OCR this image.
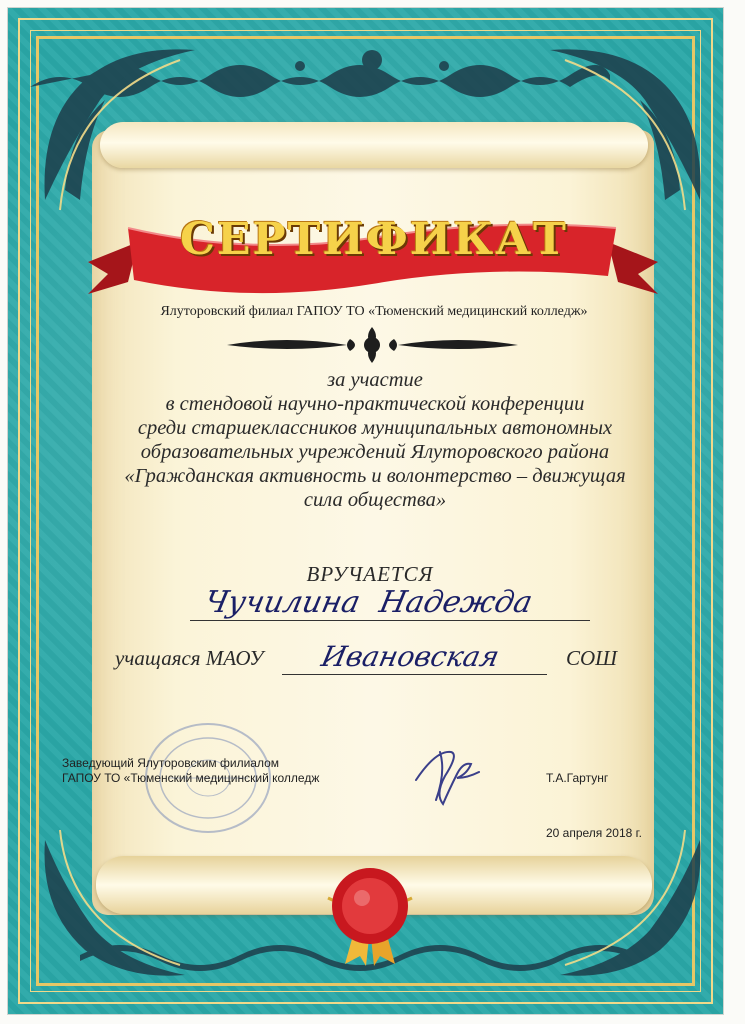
СЕРТИФИКАТ
Ялуторовский филиал ГАПОУ ТО «Тюменский медицинский колледж»
за участие
в стендовой научно-практической конференции
среди старшеклассников муниципальных автономных
образовательных учреждений Ялуторовского района
«Гражданская активность и волонтерство – движущая
сила общества»
ВРУЧАЕТСЯ
Чучилина Надежда
учащаяся МАОУ Ивановская	СОШ
Заведующий Ялуторовским филиалом
ГАПОУ ТО «Тюменский медицинский колледж	Т.А.Гартунг
20 апреля 2018 г.
